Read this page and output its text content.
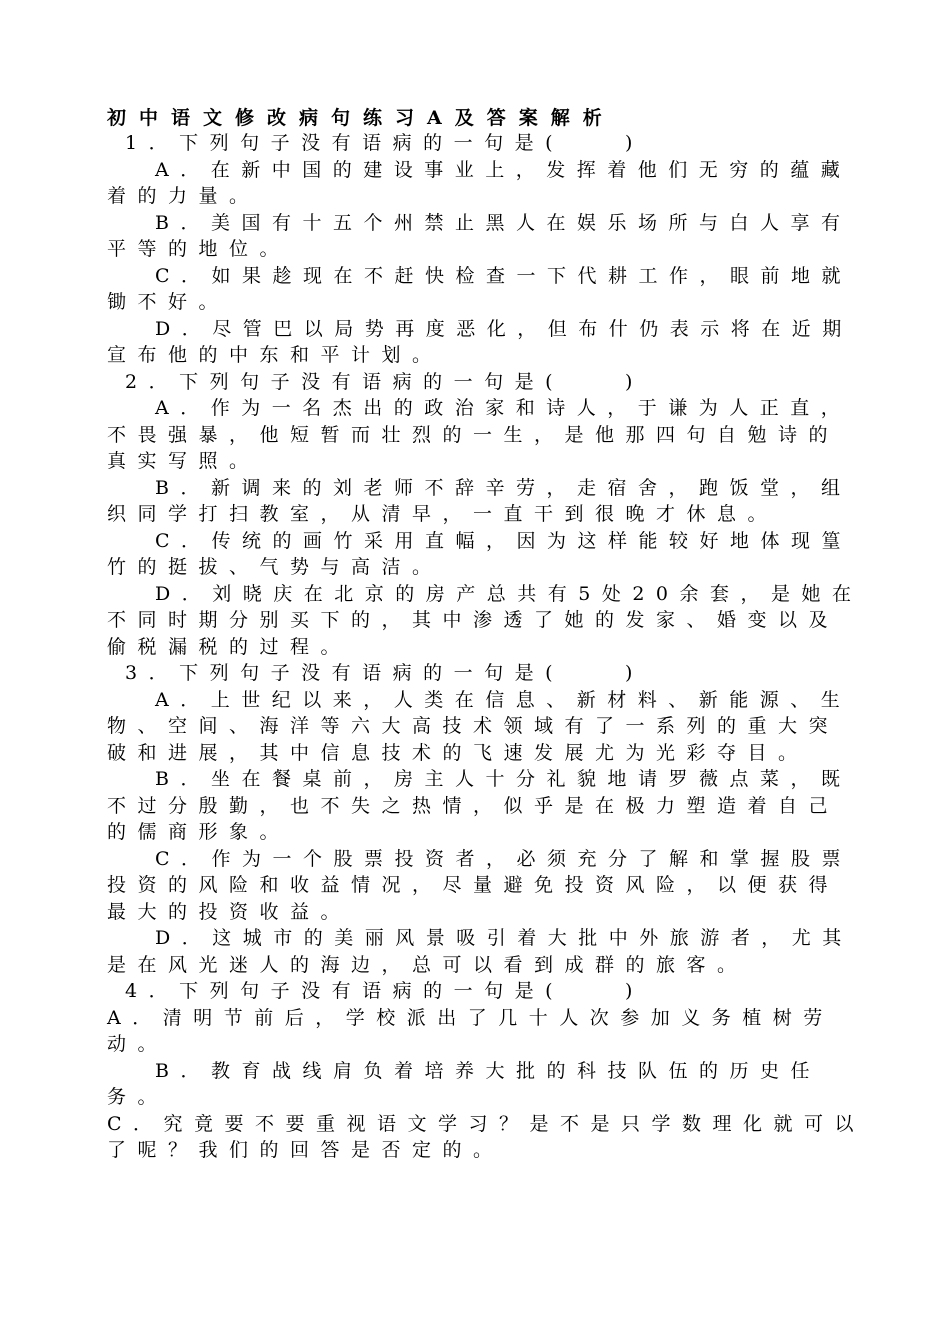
初中语文修改病句练习A及答案解析
1．下列句子没有语病的一句是(　　)
A．在新中国的建设事业上，发挥着他们无穷的蕴藏着的力量。
B．美国有十五个州禁止黑人在娱乐场所与白人享有平等的地位。
C．如果趁现在不赶快检查一下代耕工作，眼前地就锄不好。
D．尽管巴以局势再度恶化，但布什仍表示将在近期宣布他的中东和平计划。
2．下列句子没有语病的一句是(　　)
A．作为一名杰出的政治家和诗人，于谦为人正直，不畏强暴，他短暂而壮烈的一生，是他那四句自勉诗的真实写照。
B．新调来的刘老师不辞辛劳，走宿舍，跑饭堂，组织同学打扫教室，从清早，一直干到很晚才休息。
C．传统的画竹采用直幅，因为这样能较好地体现篁竹的挺拔、气势与高洁。
D．刘晓庆在北京的房产总共有5处20余套，是她在不同时期分别买下的，其中渗透了她的发家、婚变以及偷税漏税的过程。
3．下列句子没有语病的一句是(　　)
A．上世纪以来，人类在信息、新材料、新能源、生物、空间、海洋等六大高技术领域有了一系列的重大突破和进展，其中信息技术的飞速发展尤为光彩夺目。
B．坐在餐桌前，房主人十分礼貌地请罗薇点菜，既不过分殷勤，也不失之热情，似乎是在极力塑造着自己的儒商形象。
C．作为一个股票投资者，必须充分了解和掌握股票投资的风险和收益情况，尽量避免投资风险，以便获得最大的投资收益。
D．这城市的美丽风景吸引着大批中外旅游者，尤其是在风光迷人的海边，总可以看到成群的旅客。
4．下列句子没有语病的一句是(　　)
A．清明节前后，学校派出了几十人次参加义务植树劳动。
B．教育战线肩负着培养大批的科技队伍的历史任务。
C．究竟要不要重视语文学习？是不是只学数理化就可以了呢？我们的回答是否定的。
